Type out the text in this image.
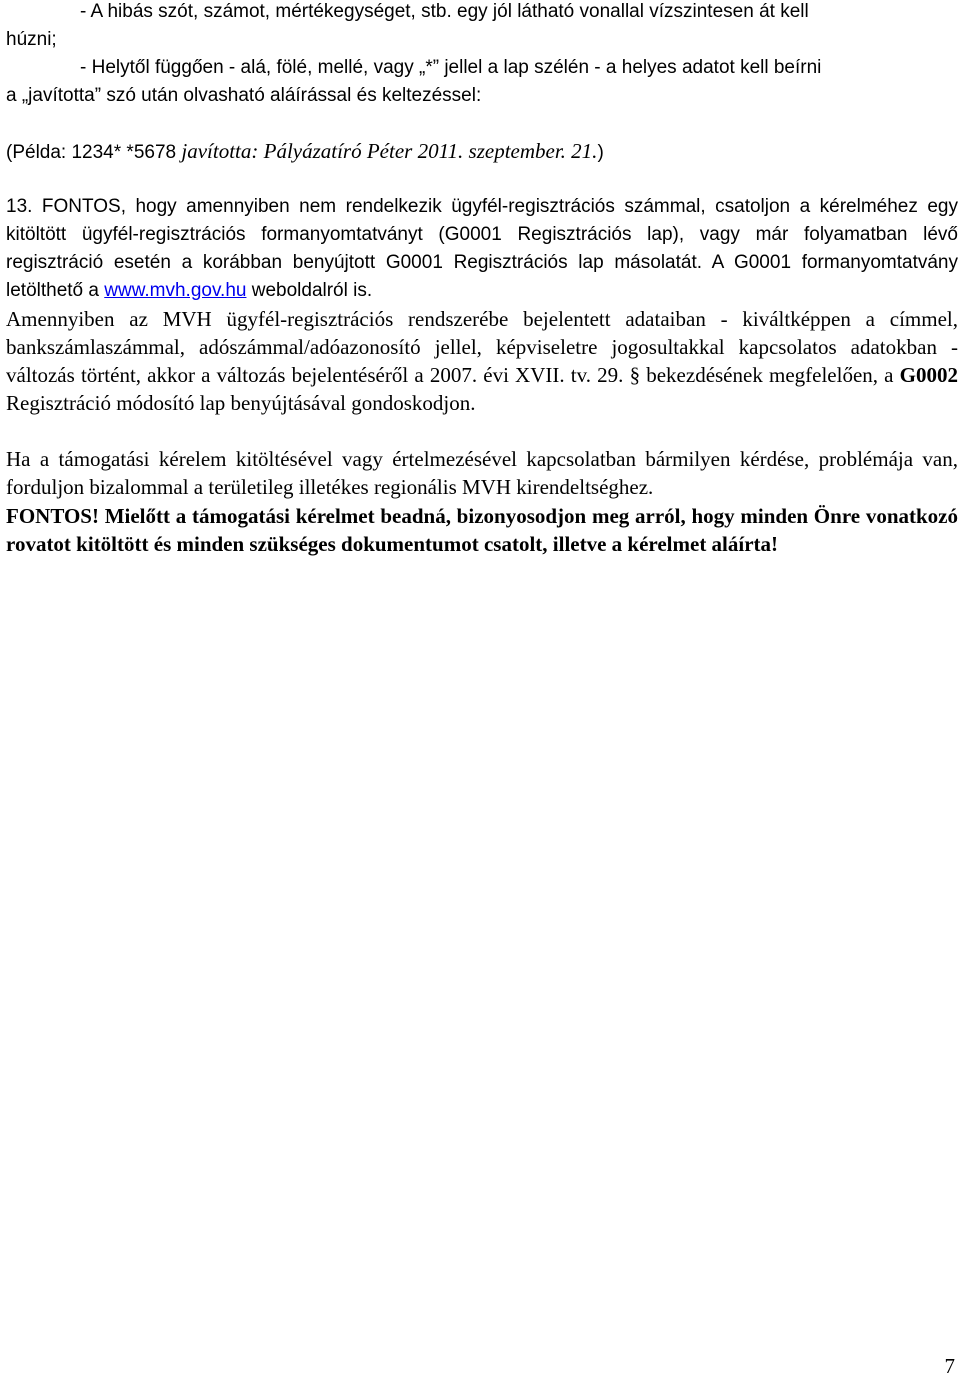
- A hibás szót, számot, mértékegységet, stb. egy jól látható vonallal vízszintesen át kell
húzni;
- Helytől függően - alá, fölé, mellé, vagy „*” jellel a lap szélén - a helyes adatot kell beírni
a „javította” szó után olvasható aláírással és keltezéssel:
(Példa: 1234* *5678 javította: Pályázatíró Péter 2011. szeptember. 21.)
13. FONTOS, hogy amennyiben nem rendelkezik ügyfél-regisztrációs számmal, csatoljon a kérelméhez egy kitöltött ügyfél-regisztrációs formanyomtatványt (G0001 Regisztrációs lap), vagy már folyamatban lévő regisztráció esetén a korábban benyújtott G0001 Regisztrációs lap másolatát. A G0001 formanyomtatvány letölthető a www.mvh.gov.hu weboldalról is.
Amennyiben az MVH ügyfél-regisztrációs rendszerébe bejelentett adataiban - kiváltképpen a címmel, bankszámlaszámmal, adószámmal/adóazonosító jellel, képviseletre jogosultakkal kapcsolatos adatokban - változás történt, akkor a változás bejelentéséről a 2007. évi XVII. tv. 29. § bekezdésének megfelelően, a G0002 Regisztráció módosító lap benyújtásával gondoskodjon.
Ha a támogatási kérelem kitöltésével vagy értelmezésével kapcsolatban bármilyen kérdése, problémája van, forduljon bizalommal a területileg illetékes regionális MVH kirendeltséghez.
FONTOS! Mielőtt a támogatási kérelmet beadná, bizonyosodjon meg arról, hogy minden Önre vonatkozó rovatot kitöltött és minden szükséges dokumentumot csatolt, illetve a kérelmet aláírta!
7
